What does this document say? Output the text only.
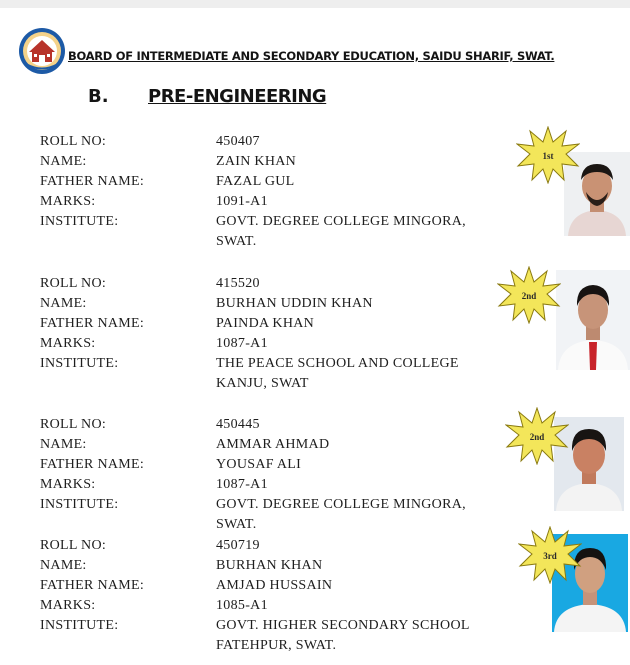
BOARD OF INTERMEDIATE AND SECONDARY EDUCATION, SAIDU SHARIF, SWAT.
B. PRE-ENGINEERING
ROLL NO:	450407
NAME:	ZAIN KHAN
FATHER NAME:	FAZAL GUL
MARKS:	1091-A1
INSTITUTE:	GOVT. DEGREE COLLEGE MINGORA,
SWAT.
1st
ROLL NO:	415520
NAME:	BURHAN UDDIN KHAN
FATHER NAME:	PAINDA KHAN
MARKS:	1087-A1
INSTITUTE:	THE PEACE SCHOOL AND COLLEGE
KANJU, SWAT
2nd
ROLL NO:	450445
NAME:	AMMAR AHMAD
FATHER NAME:	YOUSAF ALI
MARKS:	1087-A1
INSTITUTE:	GOVT. DEGREE COLLEGE MINGORA,
SWAT.
2nd
ROLL NO:	450719
NAME:	BURHAN KHAN
FATHER NAME:	AMJAD HUSSAIN
MARKS:	1085-A1
INSTITUTE:	GOVT. HIGHER SECONDARY SCHOOL
FATEHPUR, SWAT.
3rd
